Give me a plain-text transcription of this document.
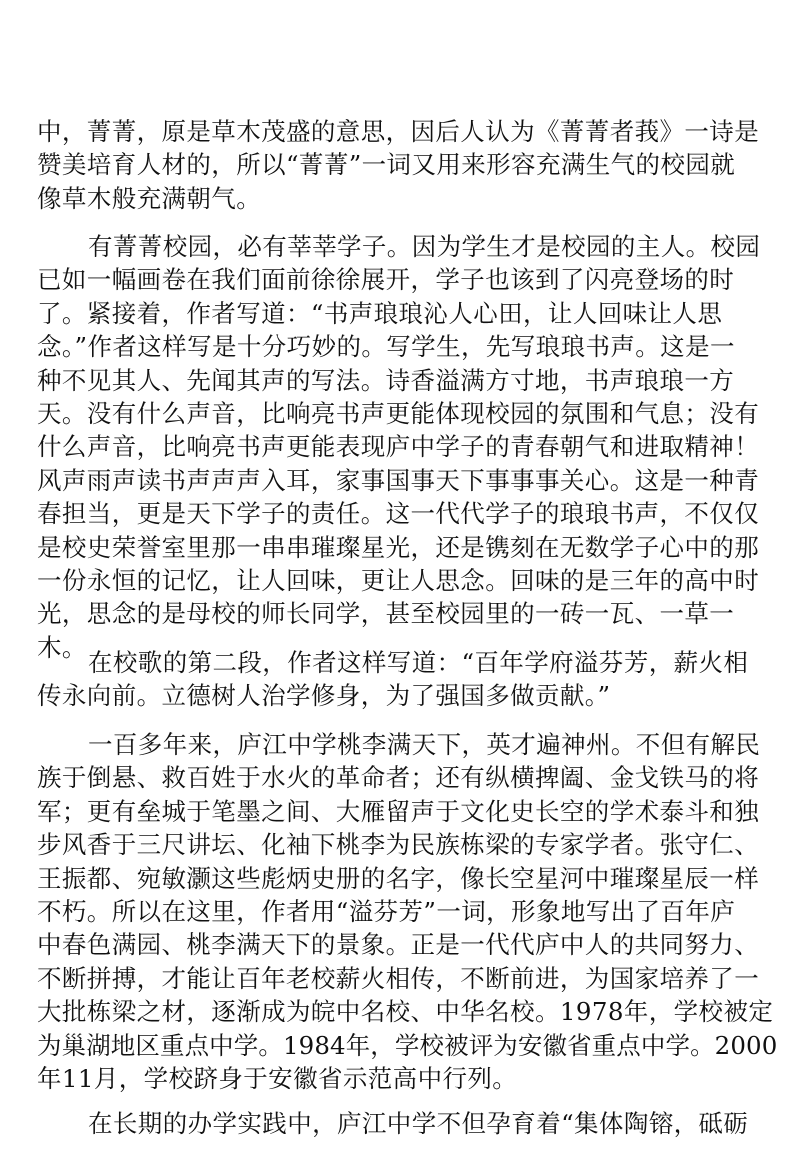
中，菁菁，原是草木茂盛的意思，因后人认为《菁菁者莪》一诗是
赞美培育人材的，所以“菁菁”一词又用来形容充满生气的校园就
像草木般充满朝气。
有菁菁校园，必有莘莘学子。因为学生才是校园的主人。校园
已如一幅画卷在我们面前徐徐展开，学子也该到了闪亮登场的时
了。紧接着，作者写道：“书声琅琅沁人心田，让人回味让人思
念。”作者这样写是十分巧妙的。写学生，先写琅琅书声。这是一
种不见其人、先闻其声的写法。诗香溢满方寸地，书声琅琅一方
天。没有什么声音，比响亮书声更能体现校园的氛围和气息；没有
什么声音，比响亮书声更能表现庐中学子的青春朝气和进取精神！
风声雨声读书声声声入耳，家事国事天下事事事关心。这是一种青
春担当，更是天下学子的责任。这一代代学子的琅琅书声，不仅仅
是校史荣誉室里那一串串璀璨星光，还是镌刻在无数学子心中的那
一份永恒的记忆，让人回味，更让人思念。回味的是三年的高中时
光，思念的是母校的师长同学，甚至校园里的一砖一瓦、一草一
木。
在校歌的第二段，作者这样写道：“百年学府溢芬芳，薪火相
传永向前。立德树人治学修身，为了强国多做贡献。”
一百多年来，庐江中学桃李满天下，英才遍神州。不但有解民
族于倒悬、救百姓于水火的革命者；还有纵横捭阖、金戈铁马的将
军；更有垒城于笔墨之间、大雁留声于文化史长空的学术泰斗和独
步风香于三尺讲坛、化袖下桃李为民族栋梁的专家学者。张守仁、
王振都、宛敏灏这些彪炳史册的名字，像长空星河中璀璨星辰一样
不朽。所以在这里，作者用“溢芬芳”一词，形象地写出了百年庐
中春色满园、桃李满天下的景象。正是一代代庐中人的共同努力、
不断拼搏，才能让百年老校薪火相传，不断前进，为国家培养了一
大批栋梁之材，逐渐成为皖中名校、中华名校。1978年，学校被定
为巢湖地区重点中学。1984年，学校被评为安徽省重点中学。2000
年11月，学校跻身于安徽省示范高中行列。
在长期的办学实践中，庐江中学不但孕育着“集体陶镕，砥砺
